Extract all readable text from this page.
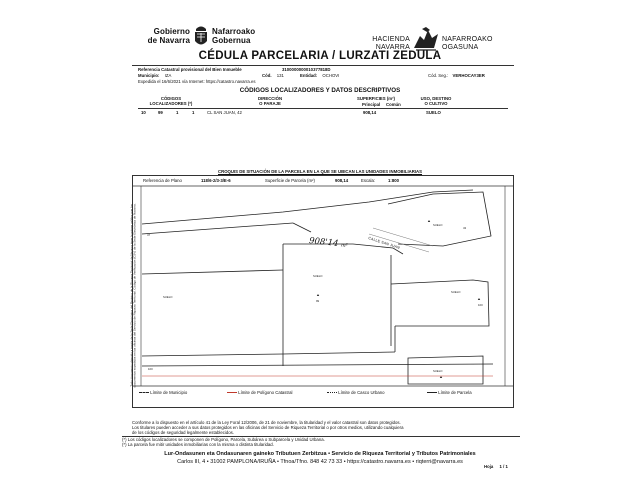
Gobierno
de Navarra
Nafarroako
Gobernua	HACIENDA
NAVARRA
NAFARROAKO
OGASUNA
CÉDULA PARCELARIA / LURZATI ZEDULA
Referencia Catastral provisional del Bien Inmueble	3100000000010377818D
Municipio: IZA	Cód. 131	Entidad: OCHOVI	Cód. Seg.: VERHOCAY3ER
Expedida el 16/6/2021 vía Internet: https://catastro.navarra.es
CÓDIGOS LOCALIZADORES Y DATOS DESCRIPTIVOS
CÓDIGOS
LOCALIZADORES (*)
DIRECCIÓN
O PARAJE
SUPERFICIES (m²)
Principal Común
USO, DESTINO
O CULTIVO
10	99	1	1	CL SAN JUAN, 42	908,14	SUELO
CROQUIS DE SITUACIÓN DE LA PARCELA EN LA QUE SE UBICAN LAS UNIDADES INMOBILIARIAS
47
SUELO
SUELO
99
SUELO
43
SUELO
100
SUELO
100
Referencia de Plano	118/6-2/3-3/E-6	Superficie de Parcela (m²)	908,14	Escala:	1:800
CALLE SAN JUAN
908'14 m²
Toda documento obtenido a través de la Sede Electrónica del Registro de la Riqueza Territorial de Navarra tiene la misma validez que los documentos expedidos en las oficinas del Servicio de Riqueza Territorial. Código de Verificación (CSV) de la Sede Electrónica de Navarra.
Límite de Municipio	Límite de Polígono Catastral	Límite de Casco Urbano	Límite de Parcela
Conforme a lo dispuesto en el artículo 41 de la Ley Foral 12/2006, de 21 de noviembre, la titularidad y el valor catastral son datos protegidos.
Los titulares pueden acceder a sus datos protegidos en las oficinas del Servicio de Riqueza Territorial o por otros medios, utilizando cualquiera
de los códigos de seguridad legalmente establecidos.
(*) Los códigos localizadores se componen de Polígono, Parcela, Subárea o Subparcela y Unidad Urbana.
(*) La parcela fue mitir unidades inmobiliarias con la misma o distinta titularidad.
Lur-Ondasunen eta Ondasunaren gaineko Tributuen Zerbitzua • Servicio de Riqueza Territorial y Tributos Patrimoniales
Carlos III, 4 • 31002 PAMPLONA/IRUÑA • Tfnoa/Tfno. 848 42 73 33 • https://catastro.navarra.es • riqterri@navarra.es
Hoja 1 / 1
